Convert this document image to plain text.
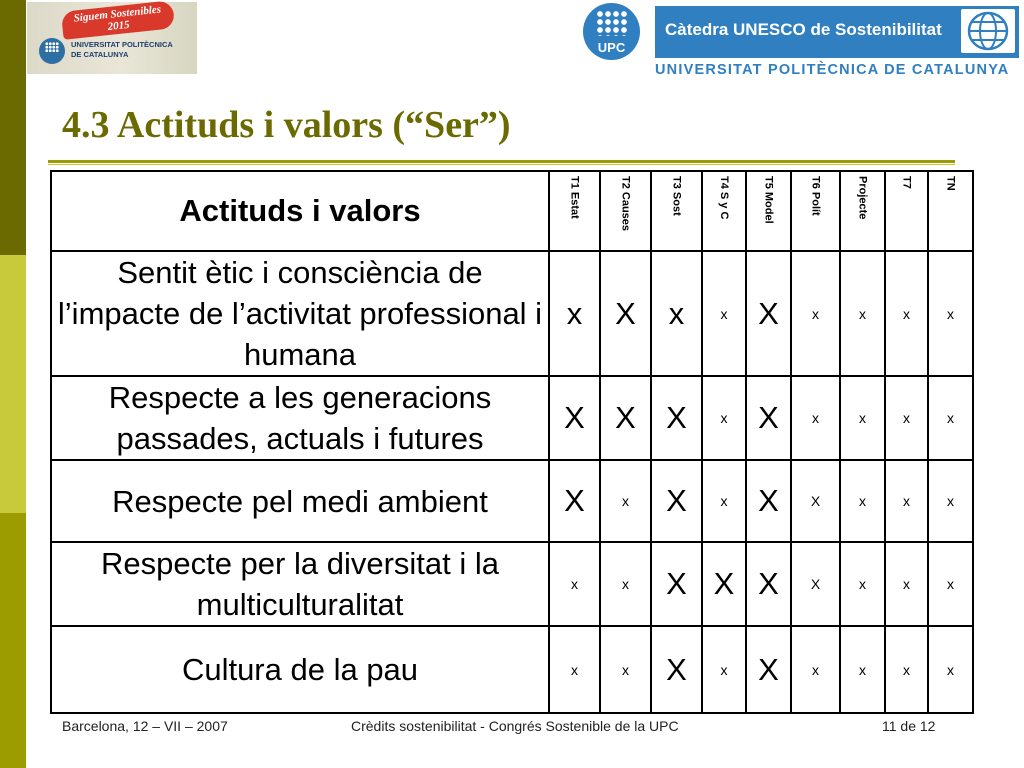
Siguem Sostenibles 2015
UNIVERSITAT POLITÈCNICA
DE CATALUNYA	UPC
Càtedra UNESCO de Sostenibilitat
UNIVERSITAT POLITÈCNICA DE CATALUNYA
4.3 Actituds i valors (“Ser”)
Actituds i valors	T1 Estat	T2 Causes	T3 Sost	T4 S y C	T5 Model	T6 Polít	Projecte	T7	TN

Sentit ètic i consciència de l’impacte de l’activitat professional i humana	x	X	x	x	X	x	x	x	x
Respecte a les generacions passades, actuals i futures	X	X	X	x	X	x	x	x	x
Respecte pel medi ambient	X	x	X	x	X	X	x	x	x
Respecte per la diversitat i la multiculturalitat	x	x	X	X	X	X	x	x	x
Cultura de la pau	x	x	X	x	X	x	x	x	x
Barcelona, 12 – VII – 2007	Crèdits sostenibilitat - Congrés Sostenible de la UPC	11 de 12
